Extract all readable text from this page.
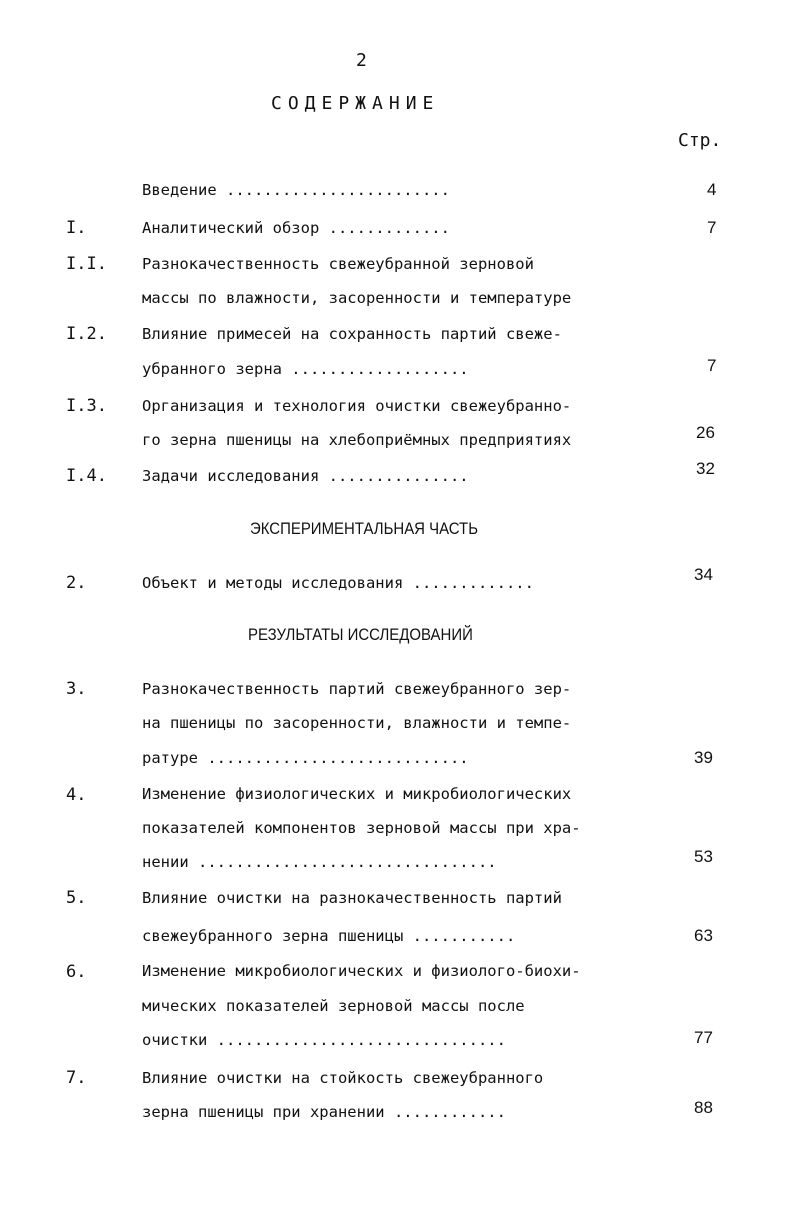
2
СОДЕРЖАНИЕ
Стр.
Введение ........................	4
I.	Аналитический обзор .............	7
I.I. Разнокачественность свежеубранной зерновой
массы по влажности, засоренности и температуре
I.2. Влияние примесей на сохранность партий свеже-
убранного зерна ...................	7
I.3. Организация и технология очистки свежеубранно-
го зерна пшеницы на хлебоприёмных предприятиях	26
I.4. Задачи исследования ...............	32
ЭКСПЕРИМЕНТАЛЬНАЯ ЧАСТЬ
2.	Объект и методы исследования .............	34
РЕЗУЛЬТАТЫ ИССЛЕДОВАНИЙ
3.	Разнокачественность партий свежеубранного зер-
на пшеницы по засоренности, влажности и темпе-
ратуре ............................	39
4.	Изменение физиологических и микробиологических
показателей компонентов зерновой массы при хра-
нении ................................	53
5.	Влияние очистки на разнокачественность партий
свежеубранного зерна пшеницы ...........	63
6.	Изменение микробиологических и физиолого-биохи-
мических показателей зерновой массы после
очистки ...............................	77
7.	Влияние очистки на стойкость свежеубранного
зерна пшеницы при хранении ............	88
